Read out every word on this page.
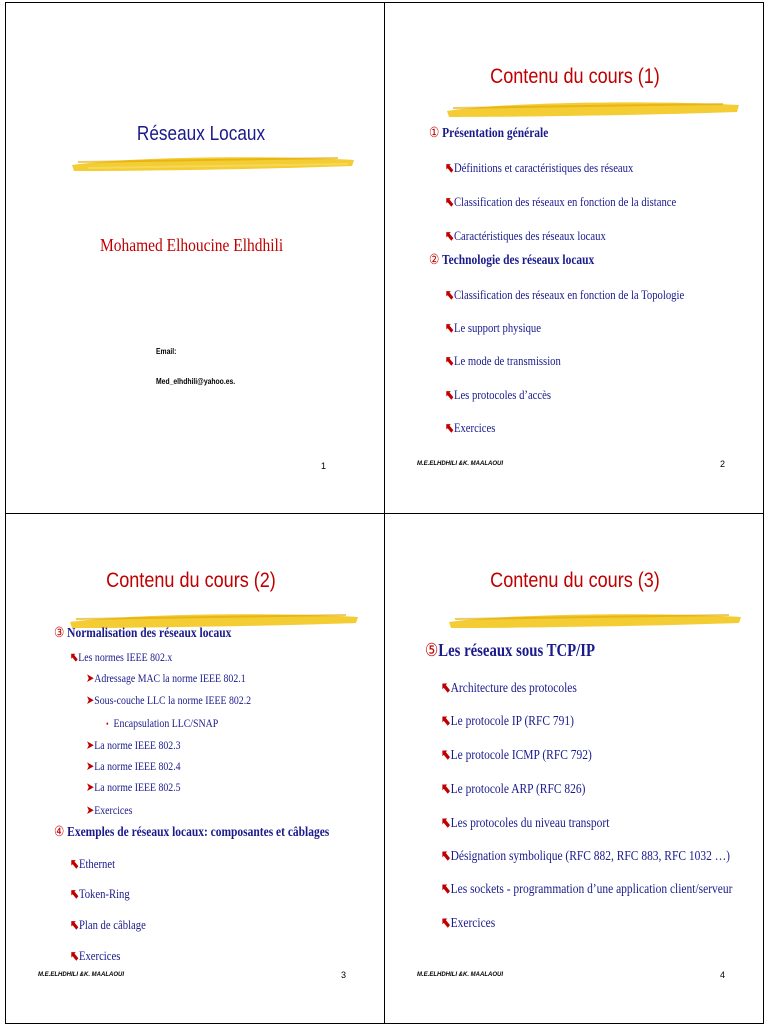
Réseaux Locaux
Mohamed Elhoucine Elhdhili
Email:
Med_elhdhili@yahoo.es.
1
Contenu du cours (1)
① Présentation générale
⬉Définitions et caractéristiques des réseaux
⬉Classification des réseaux en fonction de la distance
⬉Caractéristiques des réseaux locaux
② Technologie des réseaux locaux
⬉Classification des réseaux en fonction de la Topologie
⬉Le support physique
⬉Le mode de transmission
⬉Les protocoles d’accès
⬉Exercices
M.E.ELHDHILI &K. MAALAOUI	2
Contenu du cours (2)
③ Normalisation des réseaux locaux
⬉Les normes IEEE 802.x
➤Adressage MAC la norme IEEE 802.1
➤Sous-couche LLC la norme IEEE 802.2
• Encapsulation LLC/SNAP
➤La norme IEEE 802.3
➤La norme IEEE 802.4
➤La norme IEEE 802.5
➤Exercices
④ Exemples de réseaux locaux: composantes et câblages
⬉Ethernet
⬉Token-Ring
⬉Plan de câblage
⬉Exercices
M.E.ELHDHILI &K. MAALAOUI	3
Contenu du cours (3)
⑤Les réseaux sous TCP/IP
⬉Architecture des protocoles
⬉Le protocole IP (RFC 791)
⬉Le protocole ICMP (RFC 792)
⬉Le protocole ARP (RFC 826)
⬉Les protocoles du niveau transport
⬉Désignation symbolique (RFC 882, RFC 883, RFC 1032 …)
⬉Les sockets - programmation d’une application client/serveur
⬉Exercices
M.E.ELHDHILI &K. MAALAOUI	4
